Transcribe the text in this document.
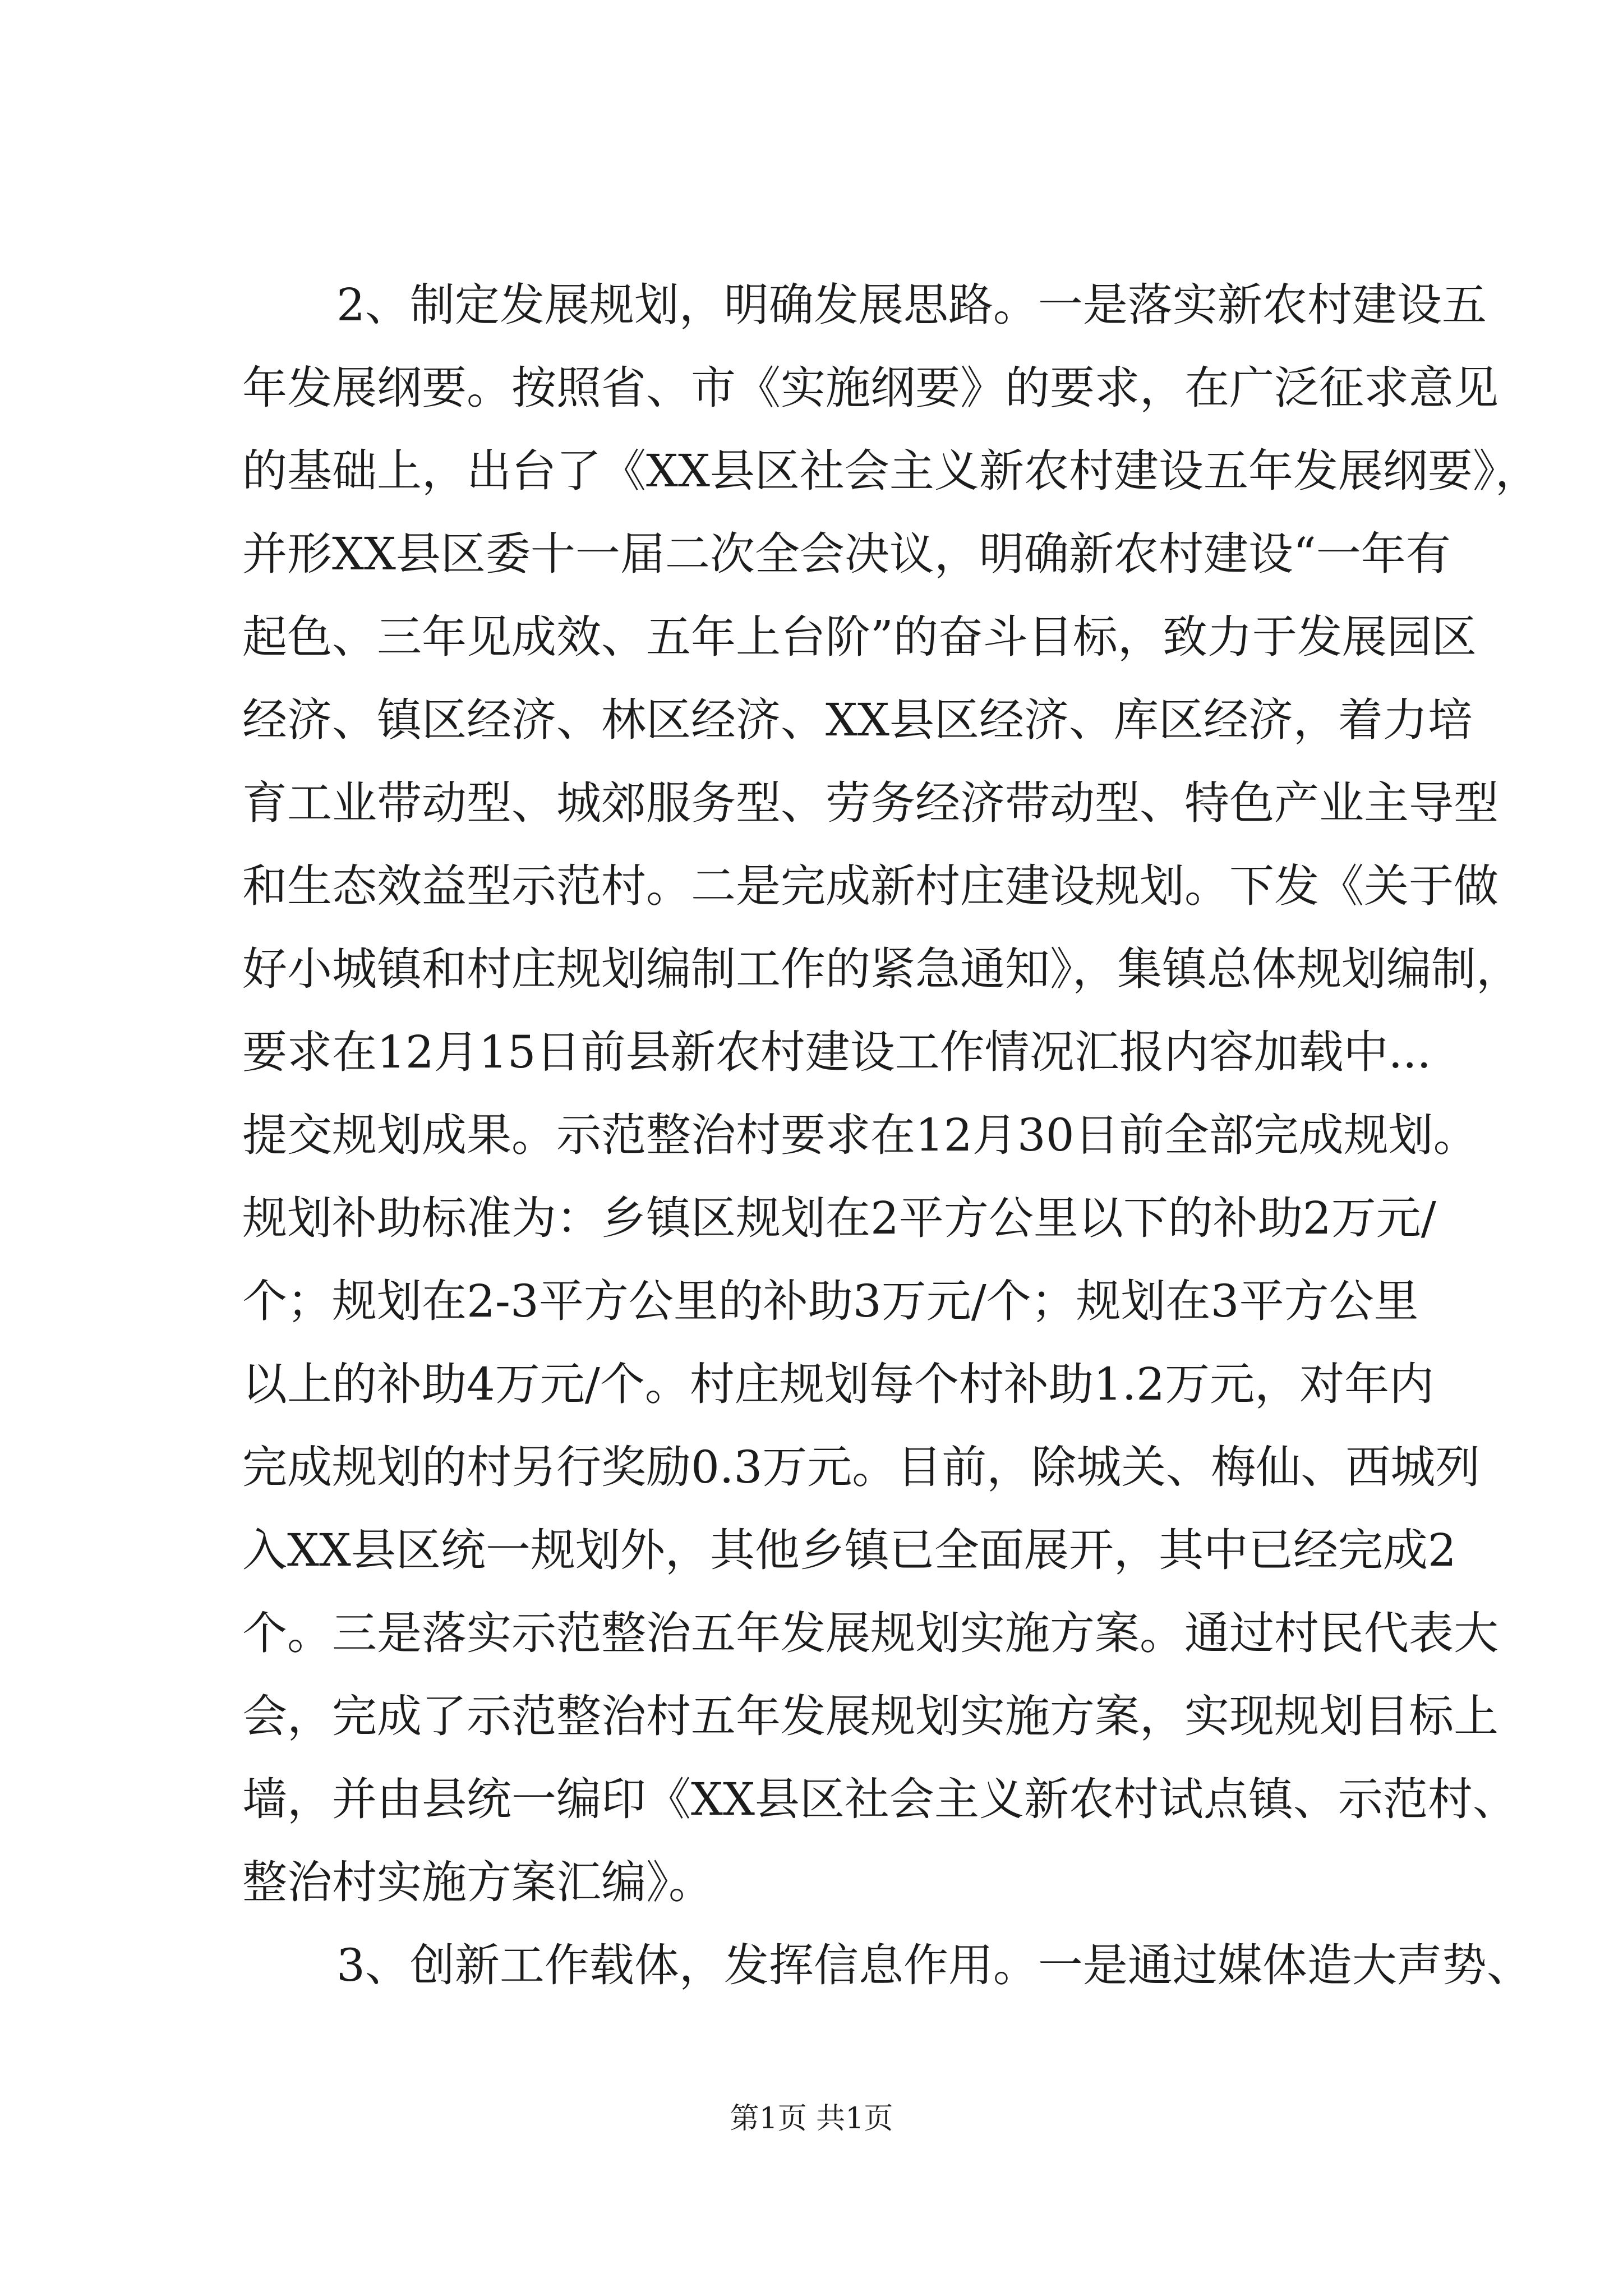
2、制定发展规划，明确发展思路。一是落实新农村建设五
年发展纲要。按照省、市《实施纲要》的要求，在广泛征求意见
的基础上，出台了《XX县区社会主义新农村建设五年发展纲要》，
并形XX县区委十一届二次全会决议，明确新农村建设“一年有
起色、三年见成效、五年上台阶”的奋斗目标，致力于发展园区
经济、镇区经济、林区经济、XX县区经济、库区经济，着力培
育工业带动型、城郊服务型、劳务经济带动型、特色产业主导型
和生态效益型示范村。二是完成新村庄建设规划。下发《关于做
好小城镇和村庄规划编制工作的紧急通知》，集镇总体规划编制，
要求在12月15日前县新农村建设工作情况汇报内容加载中...
提交规划成果。示范整治村要求在12月30日前全部完成规划。
规划补助标准为：乡镇区规划在2平方公里以下的补助2万元/
个；规划在2-3平方公里的补助3万元/个；规划在3平方公里
以上的补助4万元/个。村庄规划每个村补助1.2万元，对年内
完成规划的村另行奖励0.3万元。目前，除城关、梅仙、西城列
入XX县区统一规划外，其他乡镇已全面展开，其中已经完成2
个。三是落实示范整治五年发展规划实施方案。通过村民代表大
会，完成了示范整治村五年发展规划实施方案，实现规划目标上
墙，并由县统一编印《XX县区社会主义新农村试点镇、示范村、
整治村实施方案汇编》。
3、创新工作载体，发挥信息作用。一是通过媒体造大声势、
第1页 共1页
